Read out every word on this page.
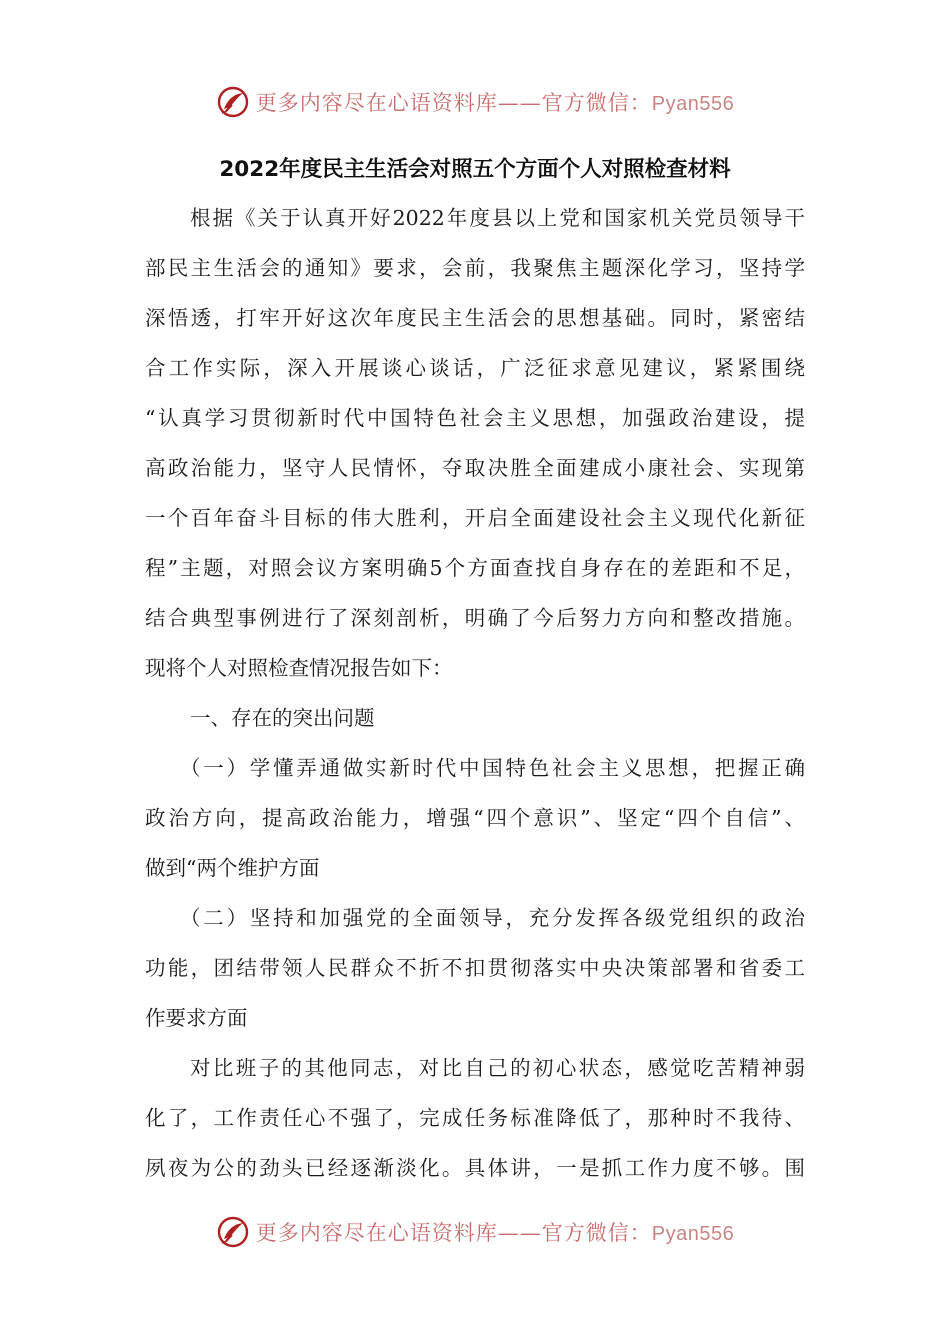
更多内容尽在心语资料库——官方微信：Pyan556
2022年度民主生活会对照五个方面个人对照检查材料
根据《关于认真开好2022年度县以上党和国家机关党员领导干
部民主生活会的通知》要求，会前，我聚焦主题深化学习，坚持学
深悟透，打牢开好这次年度民主生活会的思想基础。同时，紧密结
合工作实际，深入开展谈心谈话，广泛征求意见建议，紧紧围绕
“认真学习贯彻新时代中国特色社会主义思想，加强政治建设，提
高政治能力，坚守人民情怀，夺取决胜全面建成小康社会、实现第
一个百年奋斗目标的伟大胜利，开启全面建设社会主义现代化新征
程”主题，对照会议方案明确5个方面查找自身存在的差距和不足，
结合典型事例进行了深刻剖析，明确了今后努力方向和整改措施。
现将个人对照检查情况报告如下：
一、存在的突出问题
（一）学懂弄通做实新时代中国特色社会主义思想，把握正确
政治方向，提高政治能力，增强“四个意识”、坚定“四个自信”、
做到“两个维护方面
（二）坚持和加强党的全面领导，充分发挥各级党组织的政治
功能，团结带领人民群众不折不扣贯彻落实中央决策部署和省委工
作要求方面
对比班子的其他同志，对比自己的初心状态，感觉吃苦精神弱
化了，工作责任心不强了，完成任务标准降低了，那种时不我待、
夙夜为公的劲头已经逐渐淡化。具体讲，一是抓工作力度不够。围
更多内容尽在心语资料库——官方微信：Pyan556
